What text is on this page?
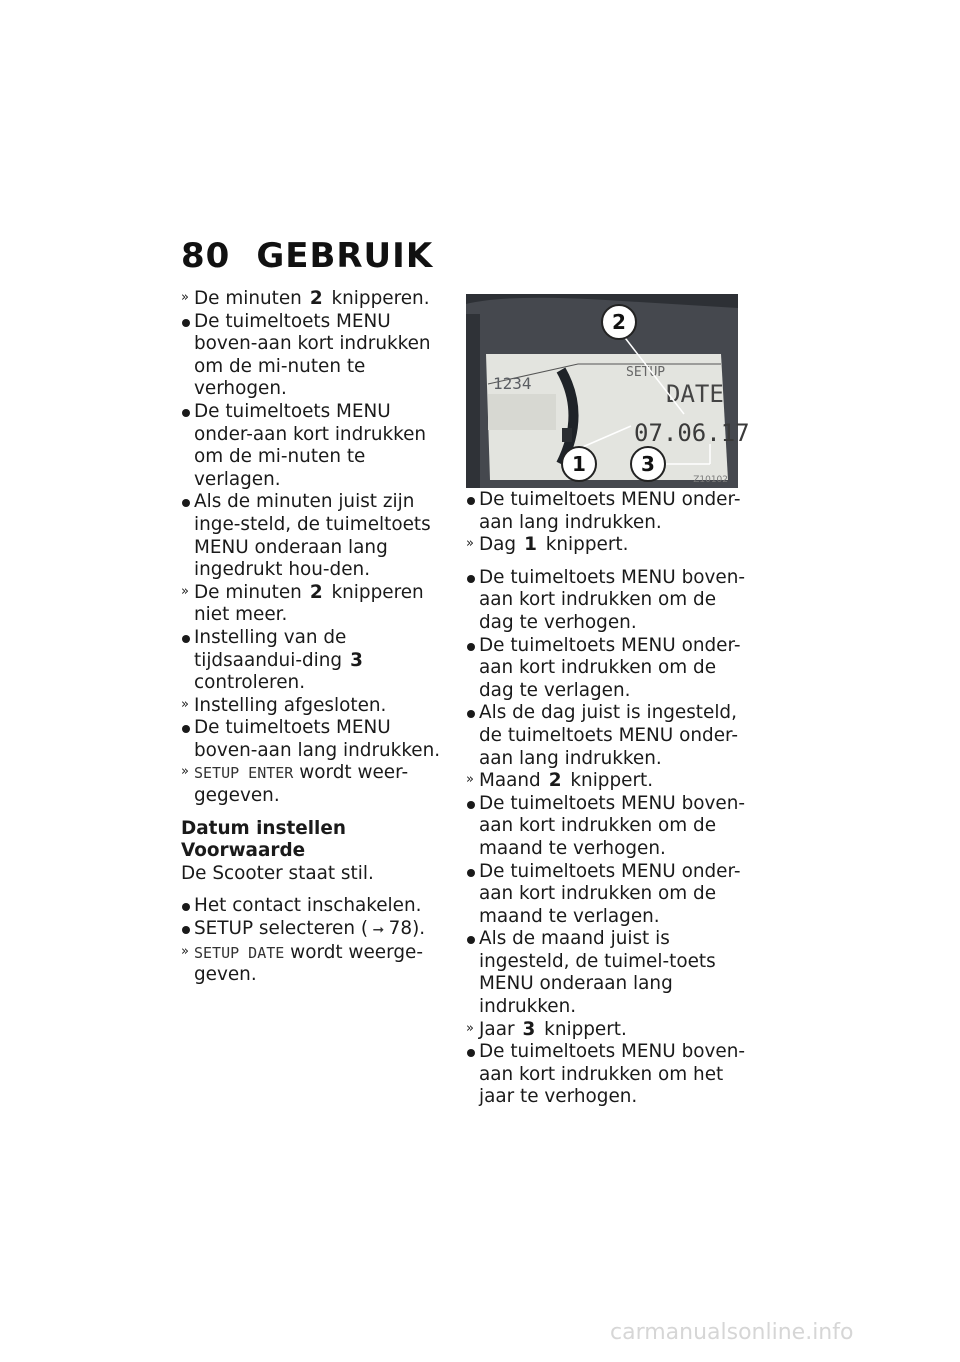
80 GEBRUIK

» De minuten 2 knipperen.

De tuimeltoets MENU boven-aan kort indrukken om de mi-nuten te verhogen.

De tuimeltoets MENU onder-aan kort indrukken om de mi-nuten te verlagen.

Als de minuten juist zijn inge-steld, de tuimeltoets MENU onderaan lang ingedrukt hou-den.

» De minuten 2 knipperen niet meer.

Instelling van de tijdsaandui-ding 3 controleren.

» Instelling afgesloten.

De tuimeltoets MENU boven-aan lang indrukken.

» SETUP ENTER wordt weer-gegeven.

Datum instellen

Voorwaarde

De Scooter staat stil.

Het contact inschakelen.

SETUP selecteren ( ➞ 78).

» SETUP DATE wordt weerge-geven.

1234
SETUP
DATE
07.06.17
2
1	3
Z10102

De tuimeltoets MENU onder-aan lang indrukken.

» Dag 1 knippert.

De tuimeltoets MENU boven-aan kort indrukken om de dag te verhogen.

De tuimeltoets MENU onder-aan kort indrukken om de dag te verlagen.

Als de dag juist is ingesteld, de tuimeltoets MENU onder-aan lang indrukken.

» Maand 2 knippert.

De tuimeltoets MENU boven-aan kort indrukken om de maand te verhogen.

De tuimeltoets MENU onder-aan kort indrukken om de maand te verlagen.

Als de maand juist is ingesteld, de tuimel-toets MENU onderaan lang indrukken.

» Jaar 3 knippert.

De tuimeltoets MENU boven-aan kort indrukken om het jaar te verhogen.

carmanualsonline.info
